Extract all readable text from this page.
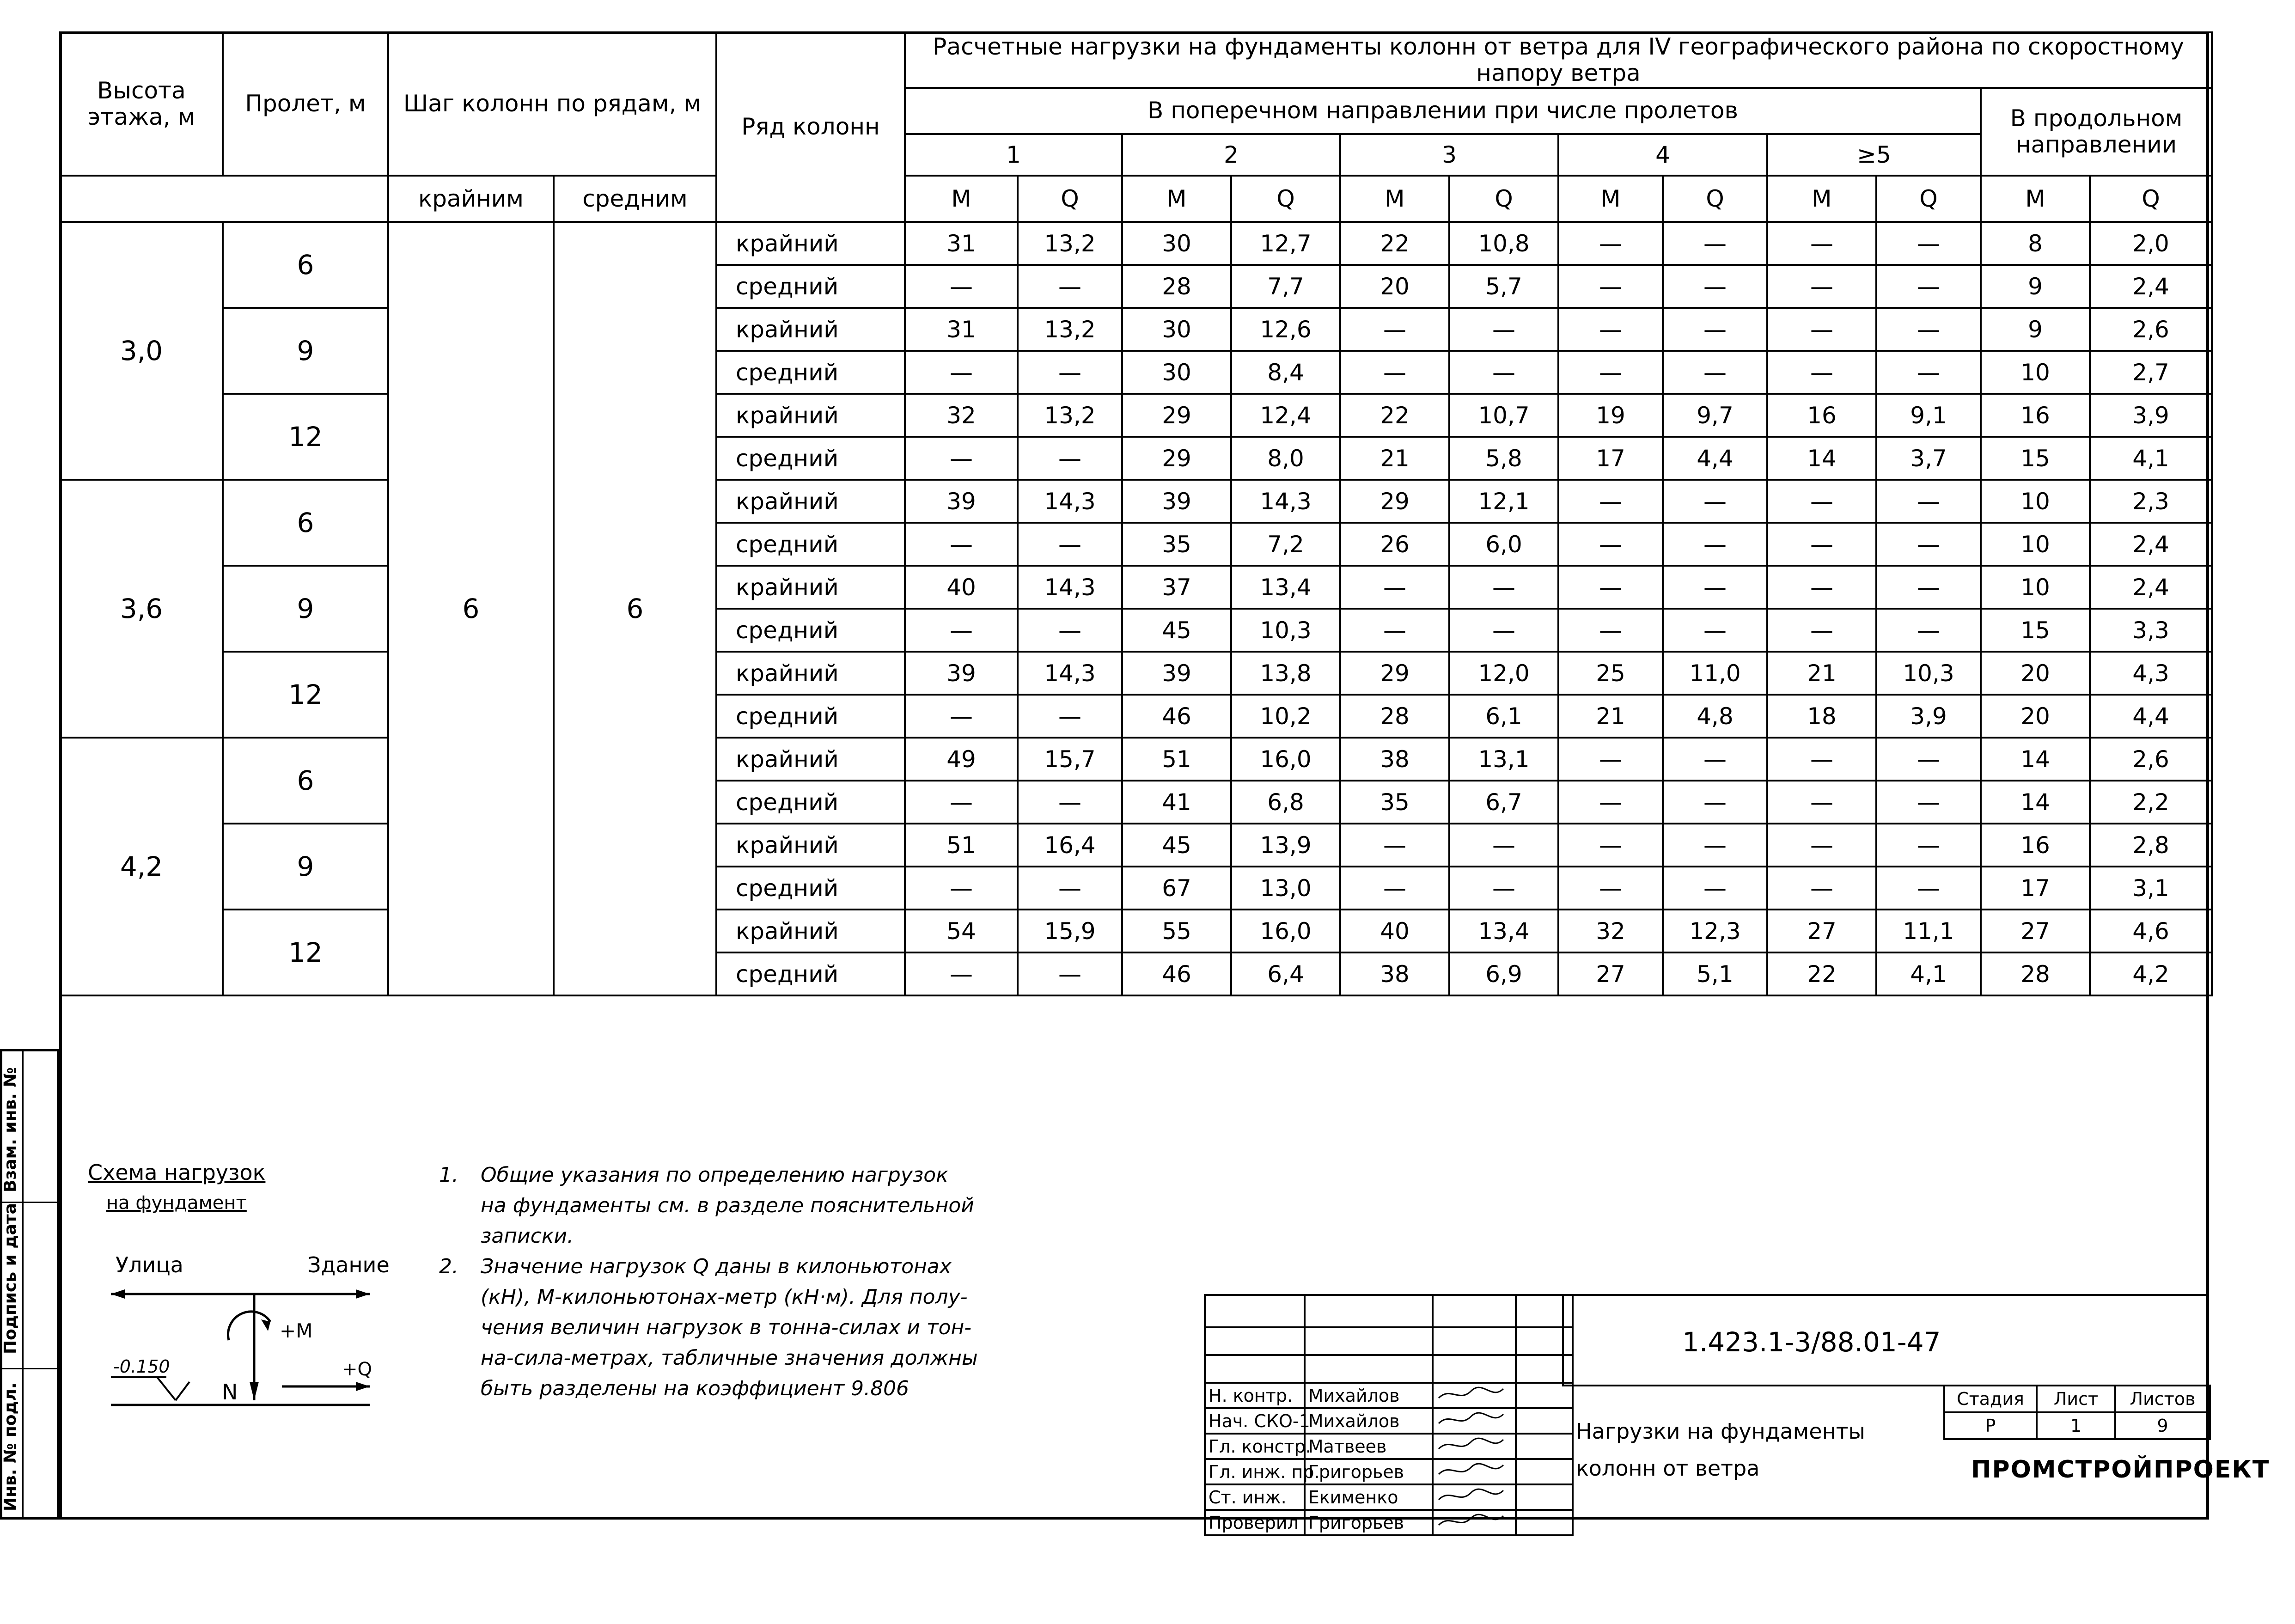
Инв. № подл.
Подпись и дата
Взам. инв. №
Высота этажа, м	Пролет, м	Шаг колонн по рядам, м		Ряд колонн	Расчетные нагрузки на фундаменты колонн от ветра для IV географического района по скоростному напору ветра											
					В поперечном направлении при числе пролетов										В продольном направлении	
					1		2		3		4		≥5			
		крайним	средним		М	Q	М	Q	М	Q	М	Q	М	Q	М	Q
3,0	6	6	6	крайний	31	13,2	30	12,7	22	10,8	—	—	—	—	8	2,0
				средний	—	—	28	7,7	20	5,7	—	—	—	—	9	2,4
	9			крайний	31	13,2	30	12,6	—	—	—	—	—	—	9	2,6
				средний	—	—	30	8,4	—	—	—	—	—	—	10	2,7
	12			крайний	32	13,2	29	12,4	22	10,7	19	9,7	16	9,1	16	3,9
				средний	—	—	29	8,0	21	5,8	17	4,4	14	3,7	15	4,1
3,6	6			крайний	39	14,3	39	14,3	29	12,1	—	—	—	—	10	2,3
				средний	—	—	35	7,2	26	6,0	—	—	—	—	10	2,4
	9			крайний	40	14,3	37	13,4	—	—	—	—	—	—	10	2,4
				средний	—	—	45	10,3	—	—	—	—	—	—	15	3,3
	12			крайний	39	14,3	39	13,8	29	12,0	25	11,0	21	10,3	20	4,3
				средний	—	—	46	10,2	28	6,1	21	4,8	18	3,9	20	4,4
4,2	6			крайний	49	15,7	51	16,0	38	13,1	—	—	—	—	14	2,6
				средний	—	—	41	6,8	35	6,7	—	—	—	—	14	2,2
	9			крайний	51	16,4	45	13,9	—	—	—	—	—	—	16	2,8
				средний	—	—	67	13,0	—	—	—	—	—	—	17	3,1
	12			крайний	54	15,9	55	16,0	40	13,4	32	12,3	27	11,1	27	4,6
				средний	—	—	46	6,4	38	6,9	27	5,1	22	4,1	28	4,2
Схема нагрузок
на фундамент
Улица	Здание
+M
-0.150
N
+Q
1.	Общие указания по определению нагрузок
на фундаменты см. в разделе пояснительной
записки.
2.	Значение нагрузок Q даны в килоньютонах
(кН), М-килоньютонах-метр (кН·м). Для полу-
чения величин нагрузок в тонна-силах и тон-
на-сила-метрах, табличные значения должны
быть разделены на коэффициент 9.806

				Н. контр.	Михайлов		
Нач. СКО-1	Михайлов		
Гл. констр.	Матвеев		
Гл. инж. пр.	Григорьев		
Ст. инж.	Екименко		
Проверил	Григорьев		
1.423.1-3/88.01-47
Нагрузки на фундаменты
колонн от ветра
Стадия	Лист	Листов
Р	1	9
ПРОМСТРОЙПРОЕКТ
